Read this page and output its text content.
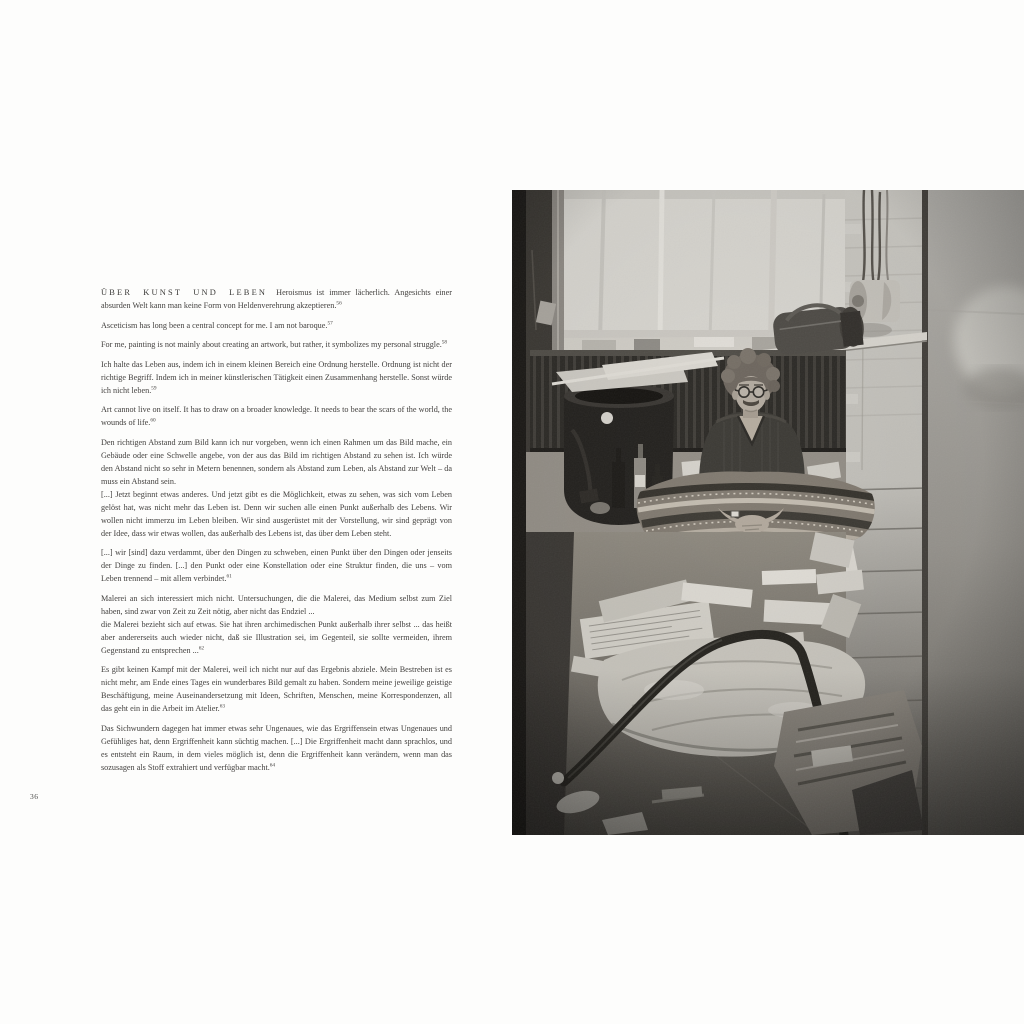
ÜBER KUNST UND LEBEN Heroismus ist immer lächerlich. Angesichts einer absurden Welt kann man keine Form von Heldenverehrung akzeptieren.$^{56}$

Asceticism has long been a central concept for me. I am not baroque.$^{57}$

For me, painting is not mainly about creating an artwork, but rather, it symbolizes my personal struggle.$^{58}$

Ich halte das Leben aus, indem ich in einem kleinen Bereich eine Ordnung herstelle. Ordnung ist nicht der richtige Begriff. Indem ich in meiner künstlerischen Tätigkeit einen Zusammenhang herstelle. Sonst würde ich nicht leben.$^{59}$

Art cannot live on itself. It has to draw on a broader knowledge. It needs to bear the scars of the world, the wounds of life.$^{60}$

Den richtigen Abstand zum Bild kann ich nur vorgeben, wenn ich einen Rahmen um das Bild mache, ein Gebäude oder eine Schwelle angebe, von der aus das Bild im richtigen Abstand zu sehen ist. Ich würde den Abstand nicht so sehr in Metern benennen, sondern als Abstand zum Leben, als Abstand zur Welt – da muss ein Abstand sein.
[...] Jetzt beginnt etwas anderes. Und jetzt gibt es die Möglichkeit, etwas zu sehen, was sich vom Leben gelöst hat, was nicht mehr das Leben ist. Denn wir suchen alle einen Punkt außerhalb des Lebens. Wir wollen nicht immerzu im Leben bleiben. Wir sind ausgerüstet mit der Vorstellung, wir sind geprägt von der Idee, dass wir etwas wollen, das außerhalb des Lebens ist, das über dem Leben steht.

[...] wir [sind] dazu verdammt, über den Dingen zu schweben, einen Punkt über den Dingen oder jenseits der Dinge zu finden. [...] den Punkt oder eine Konstellation oder eine Struktur finden, die uns – vom Leben trennend – mit allem verbindet.$^{61}$

Malerei an sich interessiert mich nicht. Untersuchungen, die die Malerei, das Medium selbst zum Ziel haben, sind zwar von Zeit zu Zeit nötig, aber nicht das Endziel ...
die Malerei bezieht sich auf etwas. Sie hat ihren archimedischen Punkt außerhalb ihrer selbst ... das heißt aber andererseits auch wieder nicht, daß sie Illustration sei, im Gegenteil, sie sollte vermeiden, ihrem Gegenstand zu entsprechen ...$^{62}$

Es gibt keinen Kampf mit der Malerei, weil ich nicht nur auf das Ergebnis abziele. Mein Bestreben ist es nicht mehr, am Ende eines Tages ein wunderbares Bild gemalt zu haben. Sondern meine jeweilige geistige Beschäftigung, meine Auseinandersetzung mit Ideen, Schriften, Menschen, meine Korrespondenzen, all das geht ein in die Arbeit im Atelier.$^{63}$

Das Sichwundern dagegen hat immer etwas sehr Ungenaues, wie das Ergriffensein etwas Ungenaues und Gefühliges hat, denn Ergriffenheit kann süchtig machen. [...] Die Ergriffenheit macht dann sprachlos, und es entsteht ein Raum, in dem vieles möglich ist, denn die Ergriffenheit kann verändern, wenn man das sozusagen als Stoff extrahiert und verfügbar macht.$^{64}$

36
